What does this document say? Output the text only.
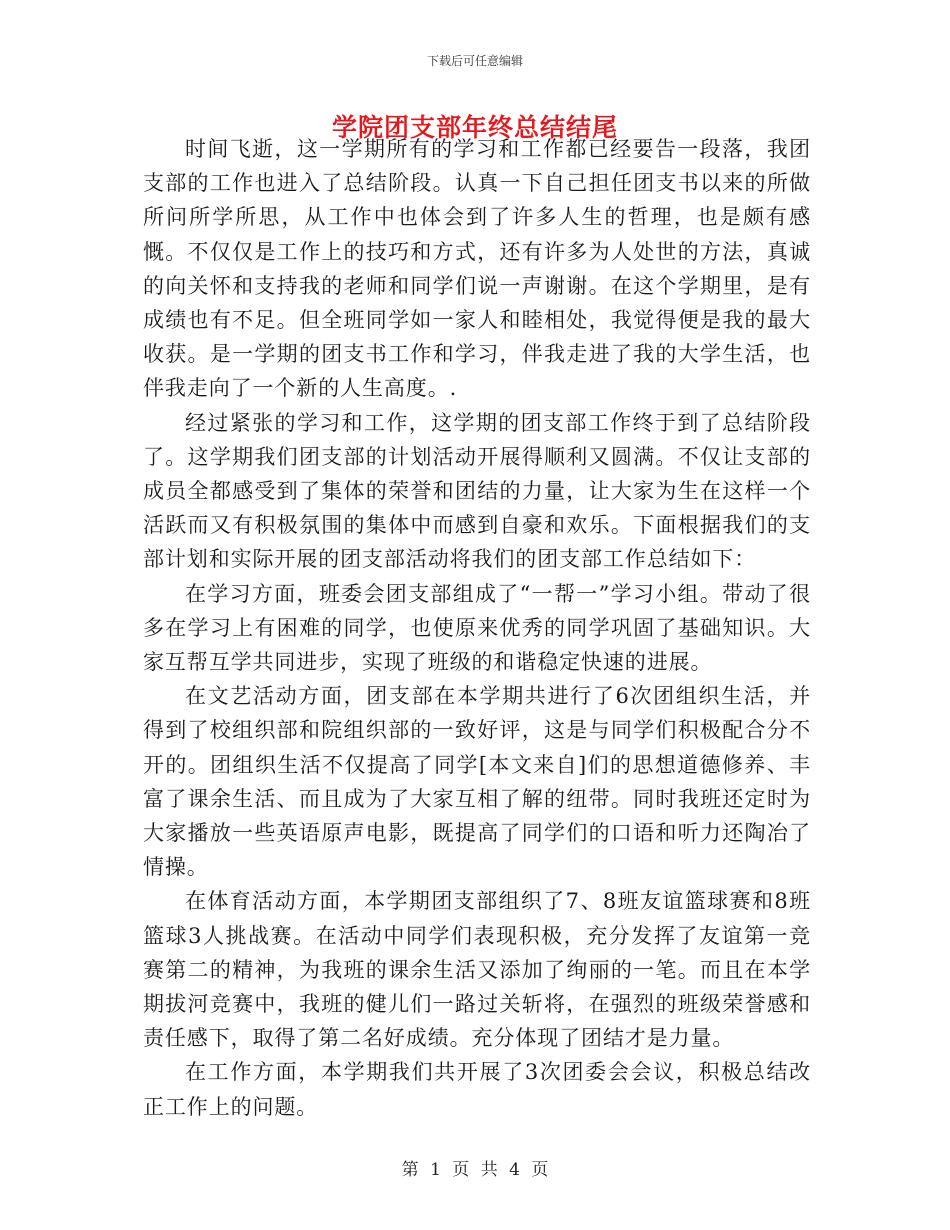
下载后可任意编辑
学院团支部年终总结结尾

时间飞逝，这一学期所有的学习和工作都已经要告一段落，我团支部的工作也进入了总结阶段。认真一下自己担任团支书以来的所做所问所学所思，从工作中也体会到了许多人生的哲理，也是颇有感慨。不仅仅是工作上的技巧和方式，还有许多为人处世的方法，真诚的向关怀和支持我的老师和同学们说一声谢谢。在这个学期里，是有成绩也有不足。但全班同学如一家人和睦相处，我觉得便是我的最大收获。是一学期的团支书工作和学习，伴我走进了我的大学生活，也伴我走向了一个新的人生高度。.

经过紧张的学习和工作，这学期的团支部工作终于到了总结阶段了。这学期我们团支部的计划活动开展得顺利又圆满。不仅让支部的成员全都感受到了集体的荣誉和团结的力量，让大家为生在这样一个活跃而又有积极氛围的集体中而感到自豪和欢乐。下面根据我们的支部计划和实际开展的团支部活动将我们的团支部工作总结如下：

在学习方面，班委会团支部组成了“一帮一”学习小组。带动了很多在学习上有困难的同学，也使原来优秀的同学巩固了基础知识。大家互帮互学共同进步，实现了班级的和谐稳定快速的进展。

在文艺活动方面，团支部在本学期共进行了6次团组织生活，并得到了校组织部和院组织部的一致好评，这是与同学们积极配合分不开的。团组织生活不仅提高了同学[本文来自]们的思想道德修养、丰富了课余生活、而且成为了大家互相了解的纽带。同时我班还定时为大家播放一些英语原声电影，既提高了同学们的口语和听力还陶冶了情操。

在体育活动方面，本学期团支部组织了7、8班友谊篮球赛和8班篮球3人挑战赛。在活动中同学们表现积极，充分发挥了友谊第一竞赛第二的精神，为我班的课余生活又添加了绚丽的一笔。而且在本学期拔河竞赛中，我班的健儿们一路过关斩将，在强烈的班级荣誉感和责任感下，取得了第二名好成绩。充分体现了团结才是力量。

在工作方面，本学期我们共开展了3次团委会会议，积极总结改正工作上的问题。

第 1 页 共 4 页
